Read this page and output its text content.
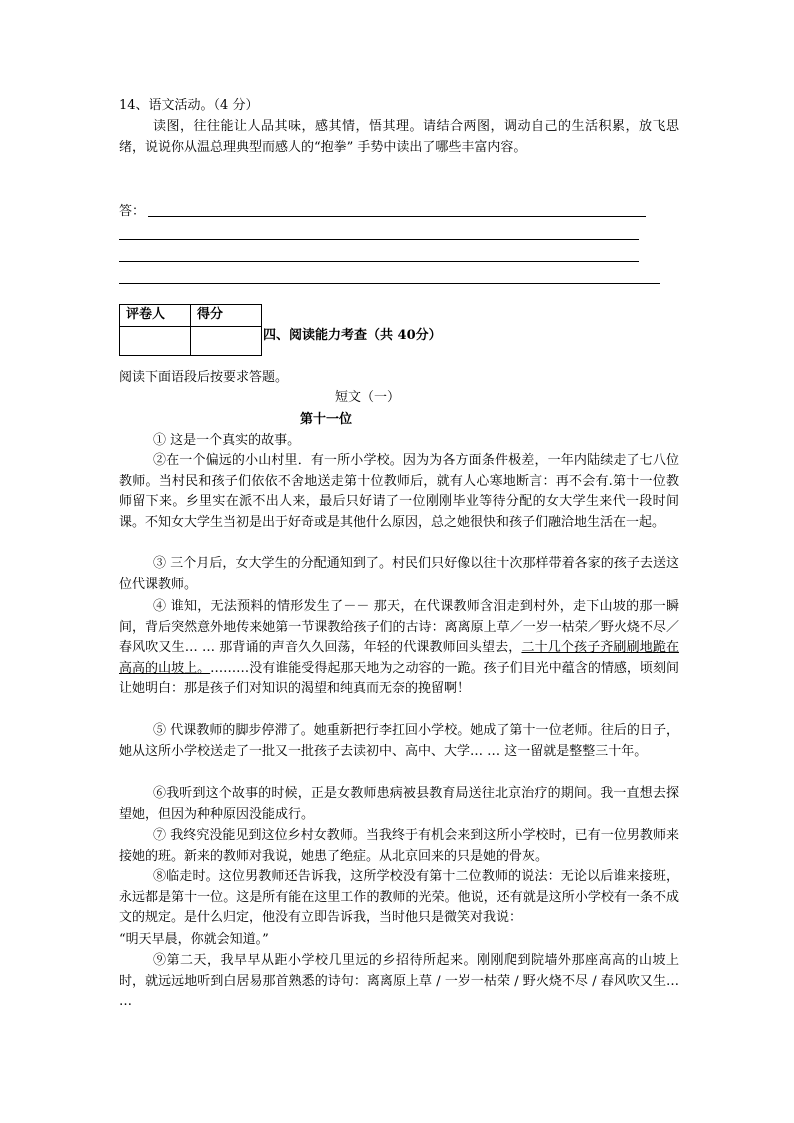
14、语文活动。（4 分）
读图，往往能让人品其味，感其情，悟其理。请结合两图，调动自己的生活积累，放飞思绪，说说你从温总理典型而感人的“抱拳” 手势中读出了哪些丰富内容。
答：
评卷人	得分

四、阅读能力考查（共 40分）
阅读下面语段后按要求答题。
短文（一）
第十一位
① 这是一个真实的故事。
②在一个偏远的小山村里．有一所小学校。因为为各方面条件极差，一年内陆续走了七八位教师。当村民和孩子们依依不舍地送走第十位教师后，就有人心寒地断言：再不会有.第十一位教师留下来。乡里实在派不出人来，最后只好请了一位刚刚毕业等待分配的女大学生来代一段时间课。不知女大学生当初是出于好奇或是其他什么原因，总之她很快和孩子们融洽地生活在一起。
③ 三个月后，女大学生的分配通知到了。村民们只好像以往十次那样带着各家的孩子去送这位代课教师。
④ 谁知，无法预料的情形发生了－－ 那天，在代课教师含泪走到村外，走下山坡的那一瞬间，背后突然意外地传来她第一节课教给孩子们的古诗：离离原上草／一岁一枯荣／野火烧不尽／春风吹又生… … 那背诵的声音久久回荡，年轻的代课教师回头望去，二十几个孩子齐刷刷地跪在高高的山坡上。………没有谁能受得起那天地为之动容的一跪。孩子们目光中蕴含的情感，顷刻间让她明白：那是孩子们对知识的渴望和纯真而无奈的挽留啊！
⑤ 代课教师的脚步停滞了。她重新把行李扛回小学校。她成了第十一位老师。往后的日子，她从这所小学校送走了一批又一批孩子去读初中、高中、大学… … 这一留就是整整三十年。
⑥我听到这个故事的时候，正是女教师患病被县教育局送往北京治疗的期间。我一直想去探望她，但因为种种原因没能成行。
⑦ 我终究没能见到这位乡村女教师。当我终于有机会来到这所小学校时，已有一位男教师来接她的班。新来的教师对我说，她患了绝症。从北京回来的只是她的骨灰。
⑧临走时。这位男教师还告诉我，这所学校没有第十二位教师的说法：无论以后谁来接班，永远都是第十一位。这是所有能在这里工作的教师的光荣。他说，还有就是这所小学校有一条不成文的规定。是什么归定，他没有立即告诉我，当时他只是微笑对我说：
“明天早晨，你就会知道。”
⑨第二天，我早早从距小学校几里远的乡招待所起来。刚刚爬到院墙外那座高高的山坡上时，就远远地听到白居易那首熟悉的诗句：离离原上草 / 一岁一枯荣 / 野火烧不尽 / 春风吹又生… …
